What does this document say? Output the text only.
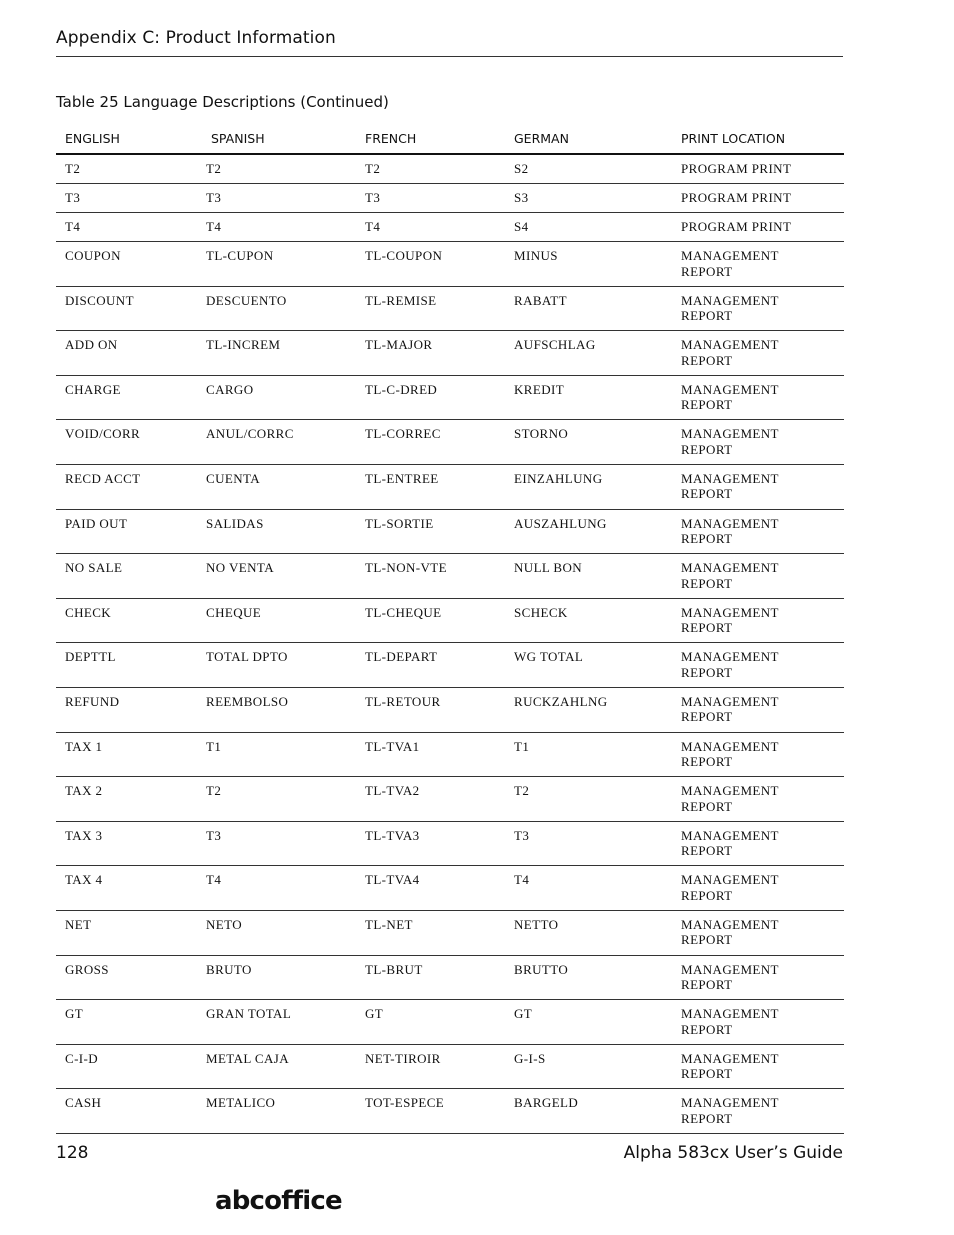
Appendix C: Product Information
Table 25 Language Descriptions (Continued)
ENGLISH	SPANISH	FRENCH	GERMAN	PRINT LOCATION
T2	T2	T2	S2	PROGRAM PRINT
T3	T3	T3	S3	PROGRAM PRINT
T4	T4	T4	S4	PROGRAM PRINT
COUPON	TL-CUPON	TL-COUPON	MINUS	MANAGEMENT REPORT
DISCOUNT	DESCUENTO	TL-REMISE	RABATT	MANAGEMENT REPORT
ADD ON	TL-INCREM	TL-MAJOR	AUFSCHLAG	MANAGEMENT REPORT
CHARGE	CARGO	TL-C-DRED	KREDIT	MANAGEMENT REPORT
VOID/CORR	ANUL/CORRC	TL-CORREC	STORNO	MANAGEMENT REPORT
RECD ACCT	CUENTA	TL-ENTREE	EINZAHLUNG	MANAGEMENT REPORT
PAID OUT	SALIDAS	TL-SORTIE	AUSZAHLUNG	MANAGEMENT REPORT
NO SALE	NO VENTA	TL-NON-VTE	NULL BON	MANAGEMENT REPORT
CHECK	CHEQUE	TL-CHEQUE	SCHECK	MANAGEMENT REPORT
DEPTTL	TOTAL DPTO	TL-DEPART	WG TOTAL	MANAGEMENT REPORT
REFUND	REEMBOLSO	TL-RETOUR	RUCKZAHLNG	MANAGEMENT REPORT
TAX 1	T1	TL-TVA1	T1	MANAGEMENT REPORT
TAX 2	T2	TL-TVA2	T2	MANAGEMENT REPORT
TAX 3	T3	TL-TVA3	T3	MANAGEMENT REPORT
TAX 4	T4	TL-TVA4	T4	MANAGEMENT REPORT
NET	NETO	TL-NET	NETTO	MANAGEMENT REPORT
GROSS	BRUTO	TL-BRUT	BRUTTO	MANAGEMENT REPORT
GT	GRAN TOTAL	GT	GT	MANAGEMENT REPORT
C-I-D	METAL CAJA	NET-TIROIR	G-I-S	MANAGEMENT REPORT
CASH	METALICO	TOT-ESPECE	BARGELD	MANAGEMENT REPORT
128	Alpha 583cx User’s Guide
abcoffice
